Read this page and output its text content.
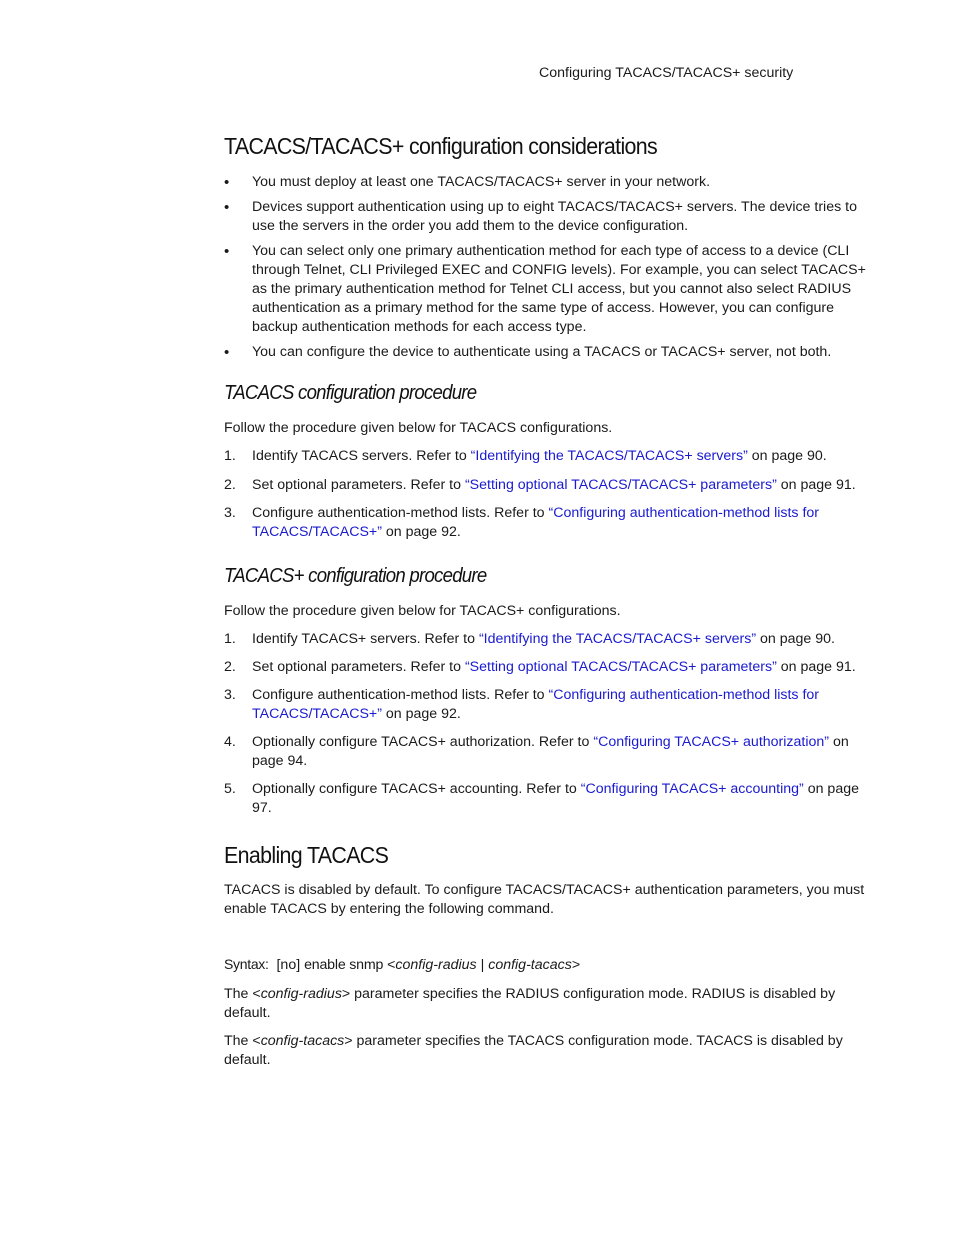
Configuring TACACS/TACACS+ security
TACACS/TACACS+ configuration considerations
• You must deploy at least one TACACS/TACACS+ server in your network.
• Devices support authentication using up to eight TACACS/TACACS+ servers. The device tries to use the servers in the order you add them to the device configuration.
• You can select only one primary authentication method for each type of access to a device (CLI through Telnet, CLI Privileged EXEC and CONFIG levels). For example, you can select TACACS+ as the primary authentication method for Telnet CLI access, but you cannot also select RADIUS authentication as a primary method for the same type of access. However, you can configure backup authentication methods for each access type.
• You can configure the device to authenticate using a TACACS or TACACS+ server, not both.
TACACS configuration procedure

Follow the procedure given below for TACACS configurations.

1. Identify TACACS servers. Refer to “Identifying the TACACS/TACACS+ servers” on page 90.
2. Set optional parameters. Refer to “Setting optional TACACS/TACACS+ parameters” on page 91.
3. Configure authentication-method lists. Refer to “Configuring authentication-method lists for TACACS/TACACS+” on page 92.
TACACS+ configuration procedure

Follow the procedure given below for TACACS+ configurations.

1. Identify TACACS+ servers. Refer to “Identifying the TACACS/TACACS+ servers” on page 90.
2. Set optional parameters. Refer to “Setting optional TACACS/TACACS+ parameters” on page 91.
3. Configure authentication-method lists. Refer to “Configuring authentication-method lists for TACACS/TACACS+” on page 92.
4. Optionally configure TACACS+ authorization. Refer to “Configuring TACACS+ authorization” on page 94.
5. Optionally configure TACACS+ accounting. Refer to “Configuring TACACS+ accounting” on page 97.
Enabling TACACS

TACACS is disabled by default. To configure TACACS/TACACS+ authentication parameters, you must enable TACACS by entering the following command.

Syntax: [no] enable snmp <config-radius | config-tacacs>

The <config-radius> parameter specifies the RADIUS configuration mode. RADIUS is disabled by default.

The <config-tacacs> parameter specifies the TACACS configuration mode. TACACS is disabled by default.
